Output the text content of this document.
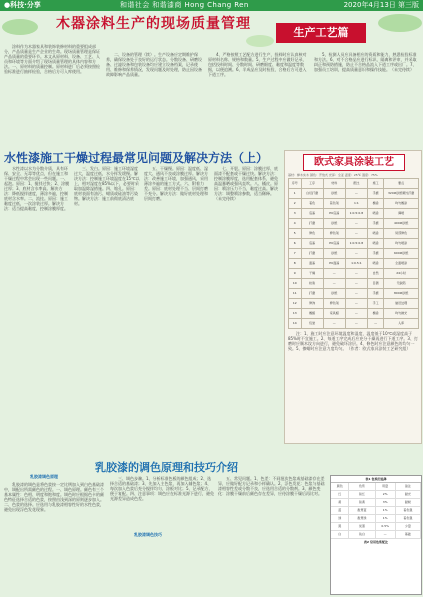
●科技·分享	和谐社会 和谐漆商 Hong Chang Ren	2020年4月13日 第三版
木器涂料生产的现场质量管理
生产工艺篇

涂料作为木器家具和装饰装修材料的重要组成部分，产品质量是生产企业的生命。现场质量管理是保证产品质量的重要环节。本文从原材料、设备、工艺、人员和环境等方面介绍了现场质量管理的具体内容和方法。一、原材料的质量控制。原材料进厂后必须按照检验标准进行抽样检验，合格后方可入库使用。

二、设备的管理（续）。生产设备应定期维护保养，确保设备处于良好的运行状态。分散设备、研磨设备、过滤设备和包装设备均应建立设备档案，记录使用、维修和保养情况，发现问题及时处理，防止因设备故障影响产品质量。

4、严格按照工艺配方进行生产，投料时应认真核对原材料名称、规格和数量。5、生产过程中应做好记录，包括投料时间、分散时间、研磨细度、黏度和温度等数据，以便追溯。6、半成品应及时检验，合格后方可进入下道工序。

5、检测人员应具备相应的资质和能力，熟悉检验标准和方法。6、对不合格品应进行标识、隔离和评审，并采取纠正和预防措施，防止不合格品流入下道工序或出厂。7、加强员工培训，提高质量意识和操作技能。（未完待续）

水性漆施工干燥过程最常见问题及解决方法（上）

水性漆以水为分散介质，具有环保、安全、无毒等优点，但在施工和干燥过程中常会出现一些问题。一、起泡。原因：1、搅拌过快；2、涂膜过厚；3、底材含水率高。解决方法：降低搅拌速度，薄涂多遍，控制底材含水率。二、流挂。原因：施工黏度过低，一次涂装过厚。解决方法：适当提高黏度，控制涂膜厚度。

三、发白。原因：施工环境湿度过大，温度过低，水分挥发缓慢。解决方法：控制施工环境温度在15℃以上，相对湿度在85%以下，必要时采取加温除湿措施。四、缩孔。原因：底材表面有油污、蜡质或硅油等污染物。解决方法：施工前彻底清洁底材。

五、干燥慢。原因：温度低、湿度大、通风不良或涂膜过厚。解决方法：改善施工环境，加强通风，采用薄涂多遍的施工方式。六、附着力差。原因：底材处理不当、层间打磨不充分。解决方法：做好底材处理和层间打磨。

七、开裂。原因：涂膜过厚、底面漆不配套或干燥过快。解决方法：控制涂膜厚度，选用配套体系，避免高温暴晒或强风直吹。八、橘皮。原因：喷涂压力不当，黏度过高。解决方法：调整喷涂参数，适当稀释。（未完待续）

欧式家具涂装工艺
基材：榉木实木 颜色：开放式 光泽：全亚 温度：25℃ 湿度：75%
序号	工序	材料	配比	施工	要点
1	白坯打磨	砂纸	—	手磨	320#砂纸顺纹打磨
2	着色	着色剂	1:1	擦涂	均匀擦涂
3	底漆	PU底漆	1:0.5:0.8	喷涂	薄喷
4	打磨	砂纸	—	手磨	400#砂纸
5	修色	修色剂	—	喷涂	局部修色
6	底漆	PU底漆	1:0.5:0.8	喷涂	均匀喷涂
7	打磨	砂纸	—	手磨	600#砂纸
8	面漆	PU面漆	1:0.5:1	喷涂	全面喷涂
9	干燥	—	—	自然	24小时
10	检验	—	—	目测	无缺陷
11	打磨	砂纸	—	手磨	800#砂纸
12	修饰	修色剂	—	手工	做旧处理
13	擦蜡	家具蜡	—	擦涂	均匀抛光
14	包装	—	—	—	入库

注：1、施工时应注意环境温度和湿度，温度低于10℃或湿度高于85%时不宜施工。2、每道工序完成后应充分干燥再进行下道工序。3、打磨时应顺木纹方向进行，避免破坏涂层。4、修色时应注意颜色的均匀一致。5、擦蜡时应注意力度均匀。（作者：欧式家具涂装工艺研究组）

乳胶漆的调色原理和技巧介绍
乳胶漆调色原理

乳胶漆的调色是将色浆按一定比例加入到白色基础漆中，调配出所需颜色的过程。一、调色原理。颜色有三个基本属性：色相、明度和饱和度。调色时应根据色卡的颜色特征选择合适的色浆，按照由浅到深的原则逐步加入。二、色浆的选择。应选用与乳胶漆相容性好的水性色浆，避免出现浮色发花现象。

乳胶漆调色技巧

三、调色步骤。1、分析标准色板的颜色组成；2、选择合适的基础漆；3、先加入主色浆，再加入辅色浆；4、每次加入色浆后充分搅拌均匀，涂板对比；5、记录配方，便于复配。四、注意事项：调色应在标准光源下进行，避免光源差异造成色差。

五、常见问题。1、色差：不同批次色浆或基础漆存在差异，应做好配方记录和小样确认。2、浮色发花：色浆与基础漆相容性差或分散不良，应选用合适的分散剂。3、颜色变化：涂膜干燥前后颜色存在差异，应待涂膜干燥后再比对。

表1 色浆的选择
颜色	色浆	用量	备注
红	铁红	2%	耐光
黄	铁黄	3%	耐候
蓝	酞菁蓝	1%	着色强
绿	酞菁绿	1%	着色强
黑	炭黑	0.5%	少量
白	钛白	—	基础
表2 常用色浆配比
